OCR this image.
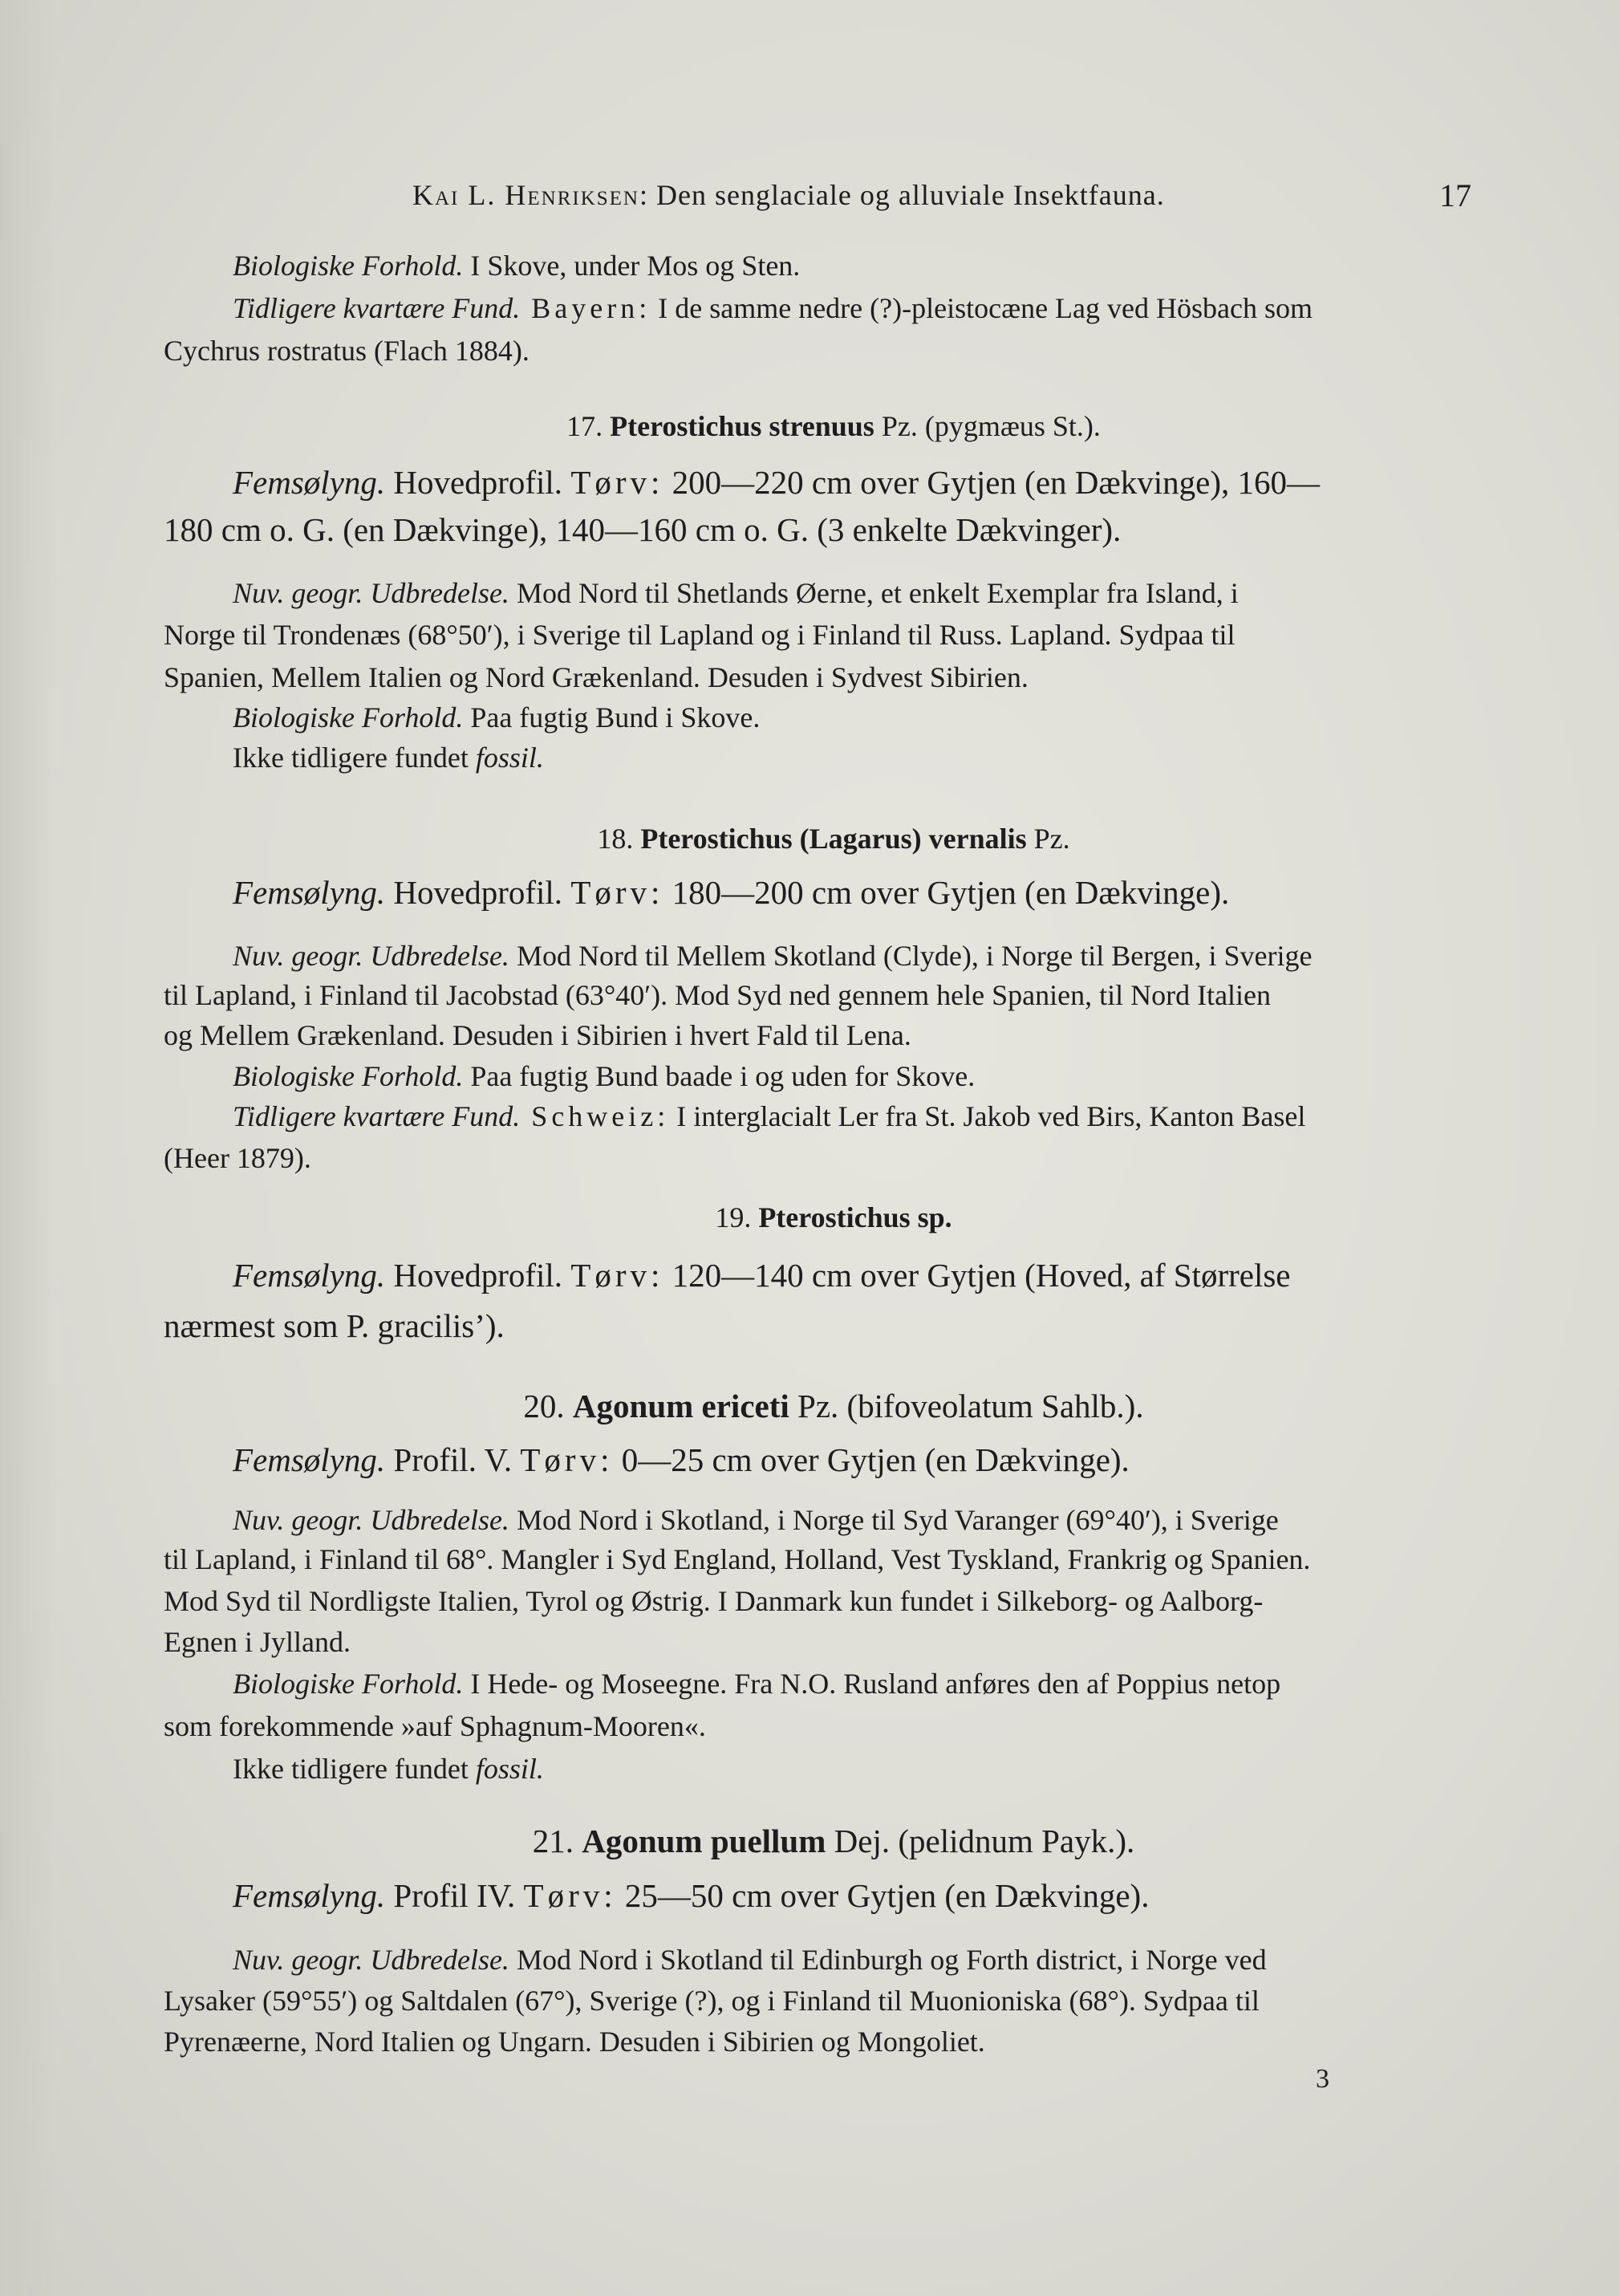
Kai L. Henriksen: Den senglaciale og alluviale Insektfauna.	17
Biologiske Forhold. I Skove, under Mos og Sten.
Tidligere kvartære Fund. Bayern: I de samme nedre (?)-pleistocæne Lag ved Hösbach som
Cychrus rostratus (Flach 1884).
17. Pterostichus strenuus Pz. (pygmæus St.).
Femsølyng. Hovedprofil. Tørv: 200—220 cm over Gytjen (en Dækvinge), 160—
180 cm o. G. (en Dækvinge), 140—160 cm o. G. (3 enkelte Dækvinger).
Nuv. geogr. Udbredelse. Mod Nord til Shetlands Øerne, et enkelt Exemplar fra Island, i
Norge til Trondenæs (68°50′), i Sverige til Lapland og i Finland til Russ. Lapland. Sydpaa til
Spanien, Mellem Italien og Nord Grækenland. Desuden i Sydvest Sibirien.
Biologiske Forhold. Paa fugtig Bund i Skove.
Ikke tidligere fundet fossil.
18. Pterostichus (Lagarus) vernalis Pz.
Femsølyng. Hovedprofil. Tørv: 180—200 cm over Gytjen (en Dækvinge).
Nuv. geogr. Udbredelse. Mod Nord til Mellem Skotland (Clyde), i Norge til Bergen, i Sverige
til Lapland, i Finland til Jacobstad (63°40′). Mod Syd ned gennem hele Spanien, til Nord Italien
og Mellem Grækenland. Desuden i Sibirien i hvert Fald til Lena.
Biologiske Forhold. Paa fugtig Bund baade i og uden for Skove.
Tidligere kvartære Fund. Schweiz: I interglacialt Ler fra St. Jakob ved Birs, Kanton Basel
(Heer 1879).
19. Pterostichus sp.
Femsølyng. Hovedprofil. Tørv: 120—140 cm over Gytjen (Hoved, af Størrelse
nærmest som P. gracilis’).
20. Agonum ericeti Pz. (bifoveolatum Sahlb.).
Femsølyng. Profil. V. Tørv: 0—25 cm over Gytjen (en Dækvinge).
Nuv. geogr. Udbredelse. Mod Nord i Skotland, i Norge til Syd Varanger (69°40′), i Sverige
til Lapland, i Finland til 68°. Mangler i Syd England, Holland, Vest Tyskland, Frankrig og Spanien.
Mod Syd til Nordligste Italien, Tyrol og Østrig. I Danmark kun fundet i Silkeborg- og Aalborg-
Egnen i Jylland.
Biologiske Forhold. I Hede- og Moseegne. Fra N.O. Rusland anføres den af Poppius netop
som forekommende »auf Sphagnum-Mooren«.
Ikke tidligere fundet fossil.
21. Agonum puellum Dej. (pelidnum Payk.).
Femsølyng. Profil IV. Tørv: 25—50 cm over Gytjen (en Dækvinge).
Nuv. geogr. Udbredelse. Mod Nord i Skotland til Edinburgh og Forth district, i Norge ved
Lysaker (59°55′) og Saltdalen (67°), Sverige (?), og i Finland til Muonioniska (68°). Sydpaa til
Pyrenæerne, Nord Italien og Ungarn. Desuden i Sibirien og Mongoliet.
3
